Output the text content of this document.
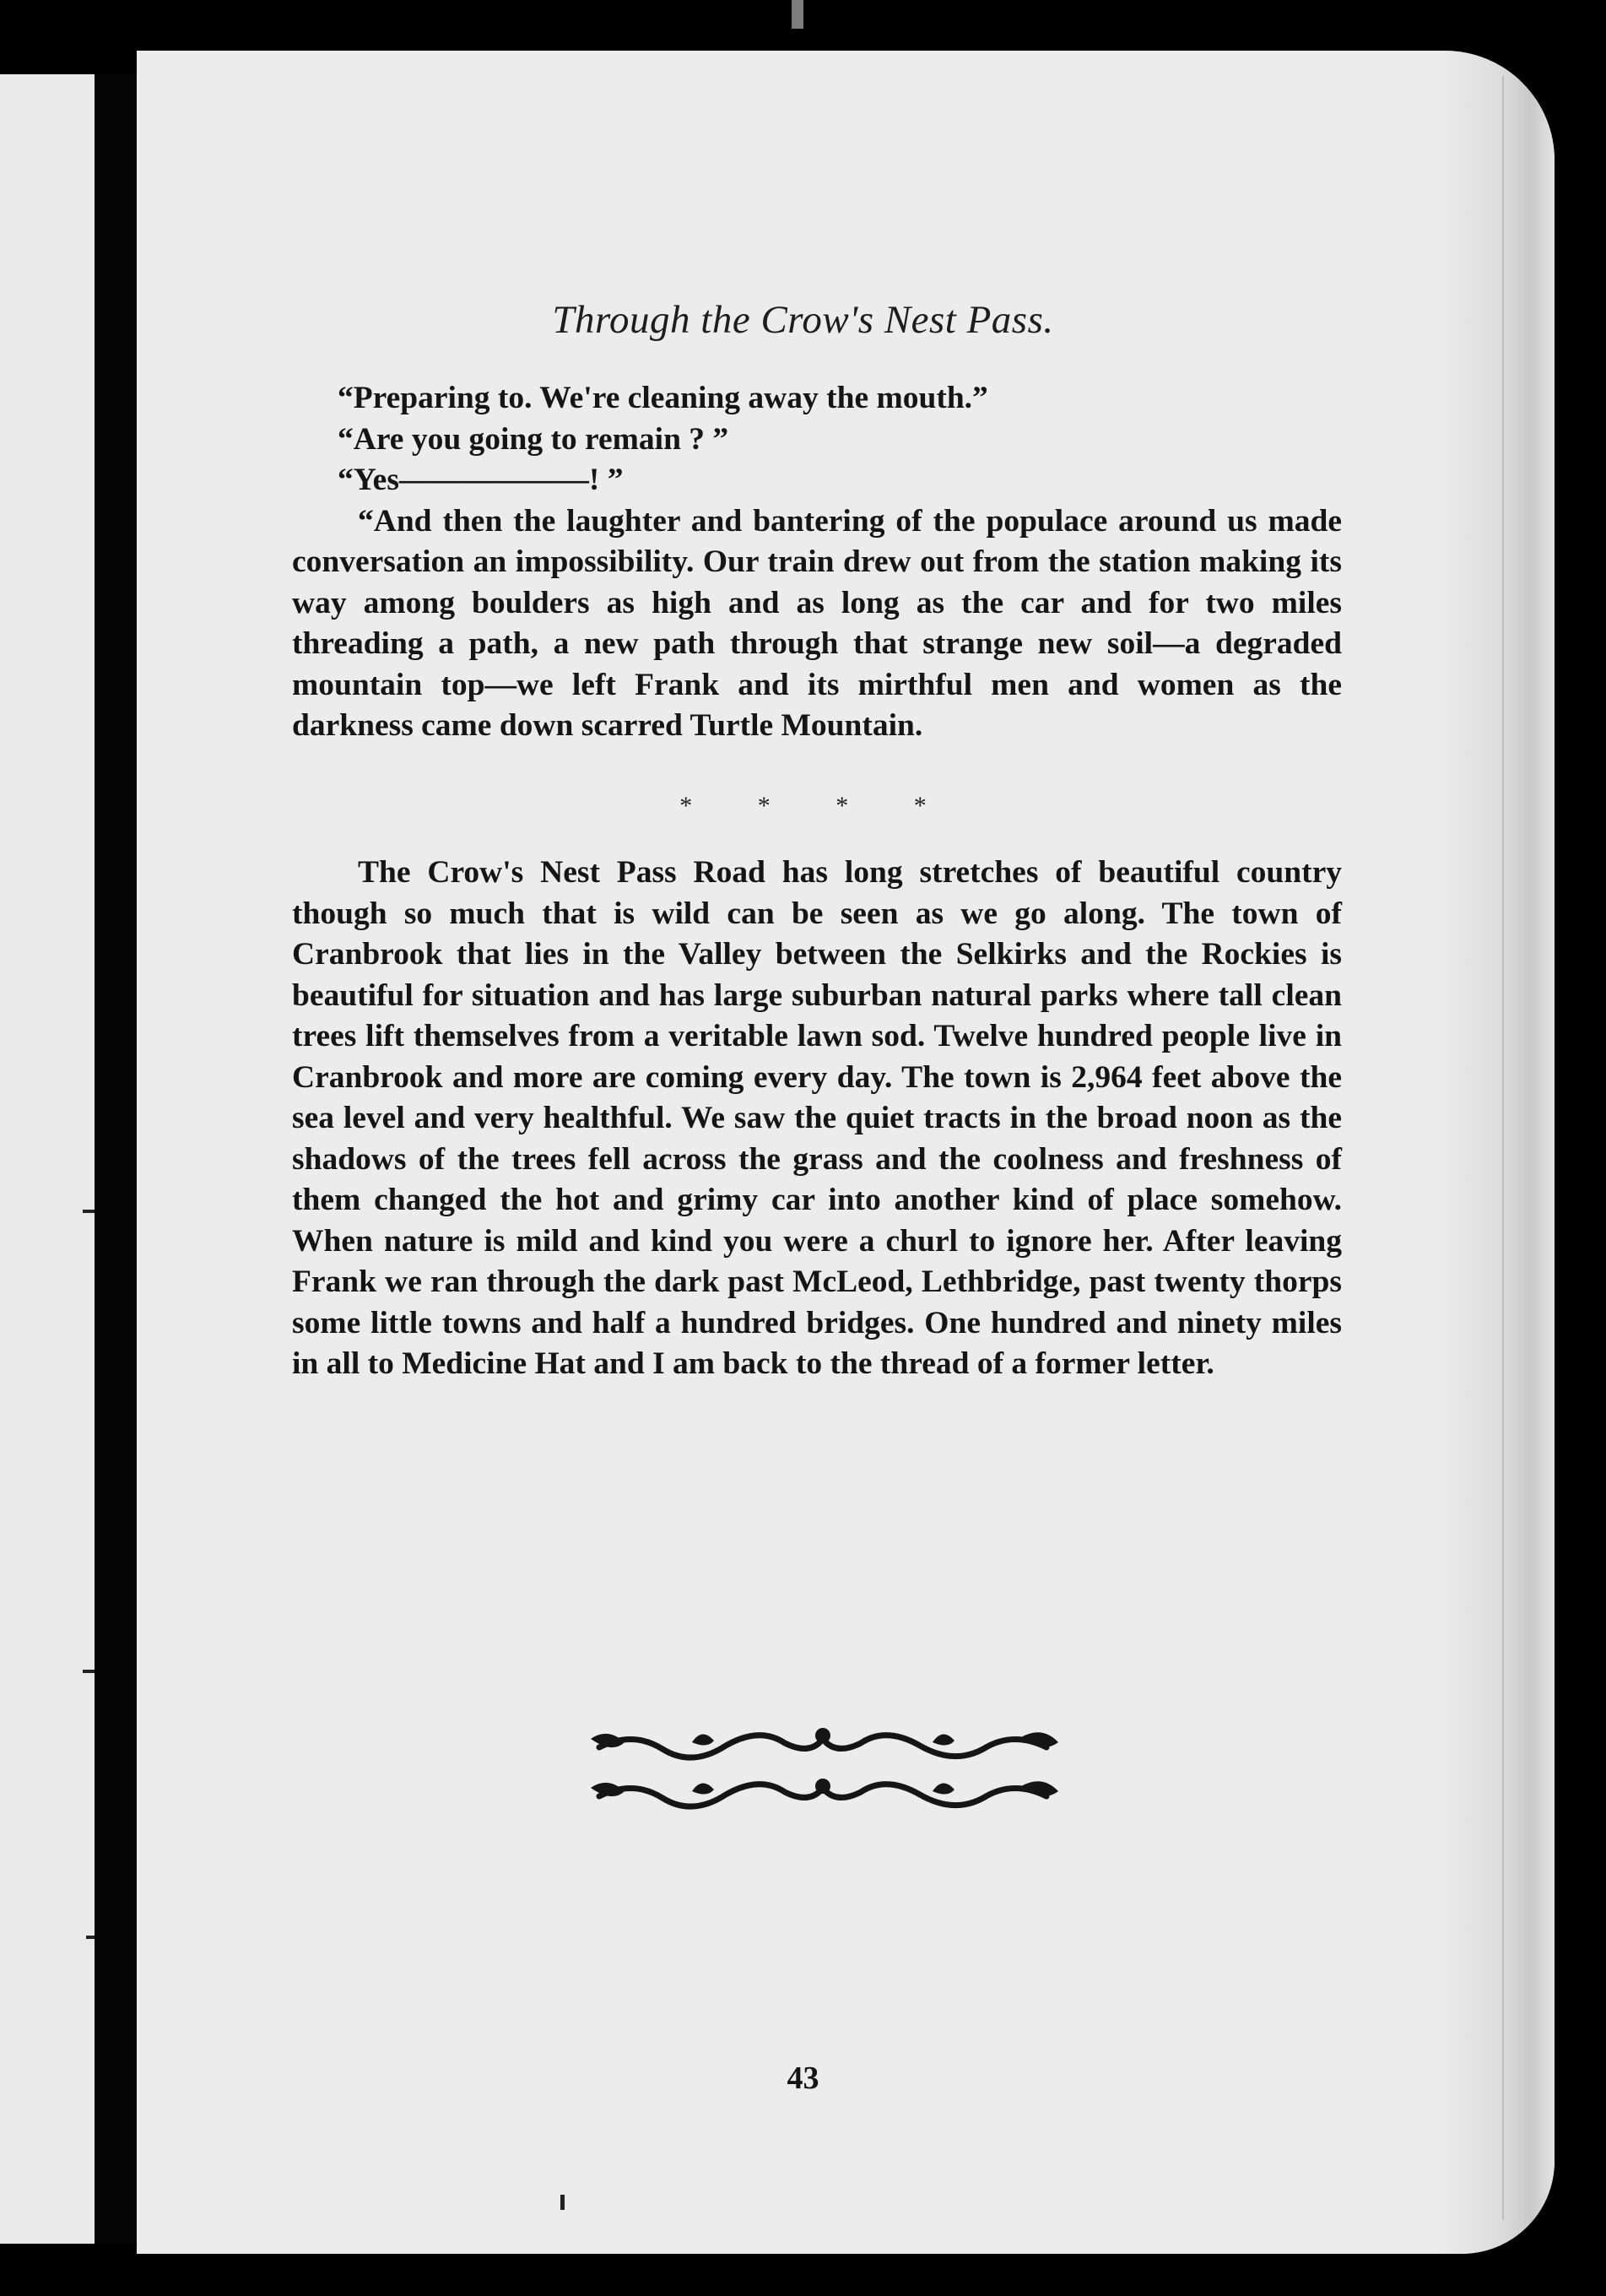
Through the Crow's Nest Pass.

“Preparing to. We're cleaning away the mouth.”

“Are you going to remain ? ”

“Yes——————! ”

“And then the laughter and bantering of the populace around us made conversation an impossibility. Our train drew out from the station making its way among boulders as high and as long as the car and for two miles threading a path, a new path through that strange new soil—a degraded mountain top—we left Frank and its mirthful men and women as the darkness came down scarred Turtle Mountain.

* * * *

The Crow's Nest Pass Road has long stretches of beautiful country though so much that is wild can be seen as we go along. The town of Cranbrook that lies in the Valley between the Selkirks and the Rockies is beautiful for situation and has large suburban natural parks where tall clean trees lift themselves from a veritable lawn sod. Twelve hundred people live in Cranbrook and more are coming every day. The town is 2,964 feet above the sea level and very healthful. We saw the quiet tracts in the broad noon as the shadows of the trees fell across the grass and the coolness and freshness of them changed the hot and grimy car into another kind of place somehow. When nature is mild and kind you were a churl to ignore her. After leaving Frank we ran through the dark past McLeod, Lethbridge, past twenty thorps some little towns and half a hundred bridges. One hundred and ninety miles in all to Medicine Hat and I am back to the thread of a former letter.

43
